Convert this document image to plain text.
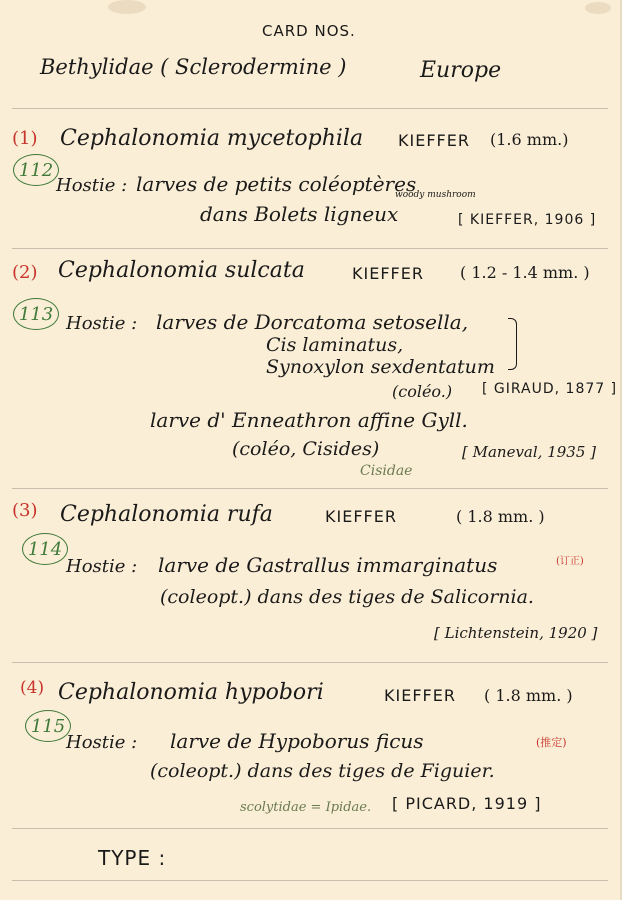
CARD NOS.
Bethylidae ( Sclerodermine )	Europe
(1) Cephalonomia mycetophila KIEFFER (1.6 mm.)
112
Hostie : larves de petits coléoptères
woody mushroom
dans Bolets ligneux	[ KIEFFER, 1906 ]
(2) Cephalonomia sulcata	KIEFFER ( 1.2 - 1.4 mm. )
113 Hostie : larves de Dorcatoma setosella,
Cis laminatus,
Synoxylon sexdentatum
(coléo.) [ GIRAUD, 1877 ]
larve d' Enneathron affine Gyll.
(coléo, Cisides)
Cisidae
[ Maneval, 1935 ]
(3) Cephalonomia rufa	KIEFFER	( 1.8 mm. )
114
Hostie : larve de Gastrallus immarginatus	(订正)
(coleopt.) dans des tiges de Salicornia.
[ Lichtenstein, 1920 ]
(4) Cephalonomia hypobori	KIEFFER ( 1.8 mm. )
115
Hostie : larve de Hypoborus ficus	(推定)
(coleopt.) dans des tiges de Figuier.
scolytidae = Ipidae. [ PICARD, 1919 ]
TYPE :
